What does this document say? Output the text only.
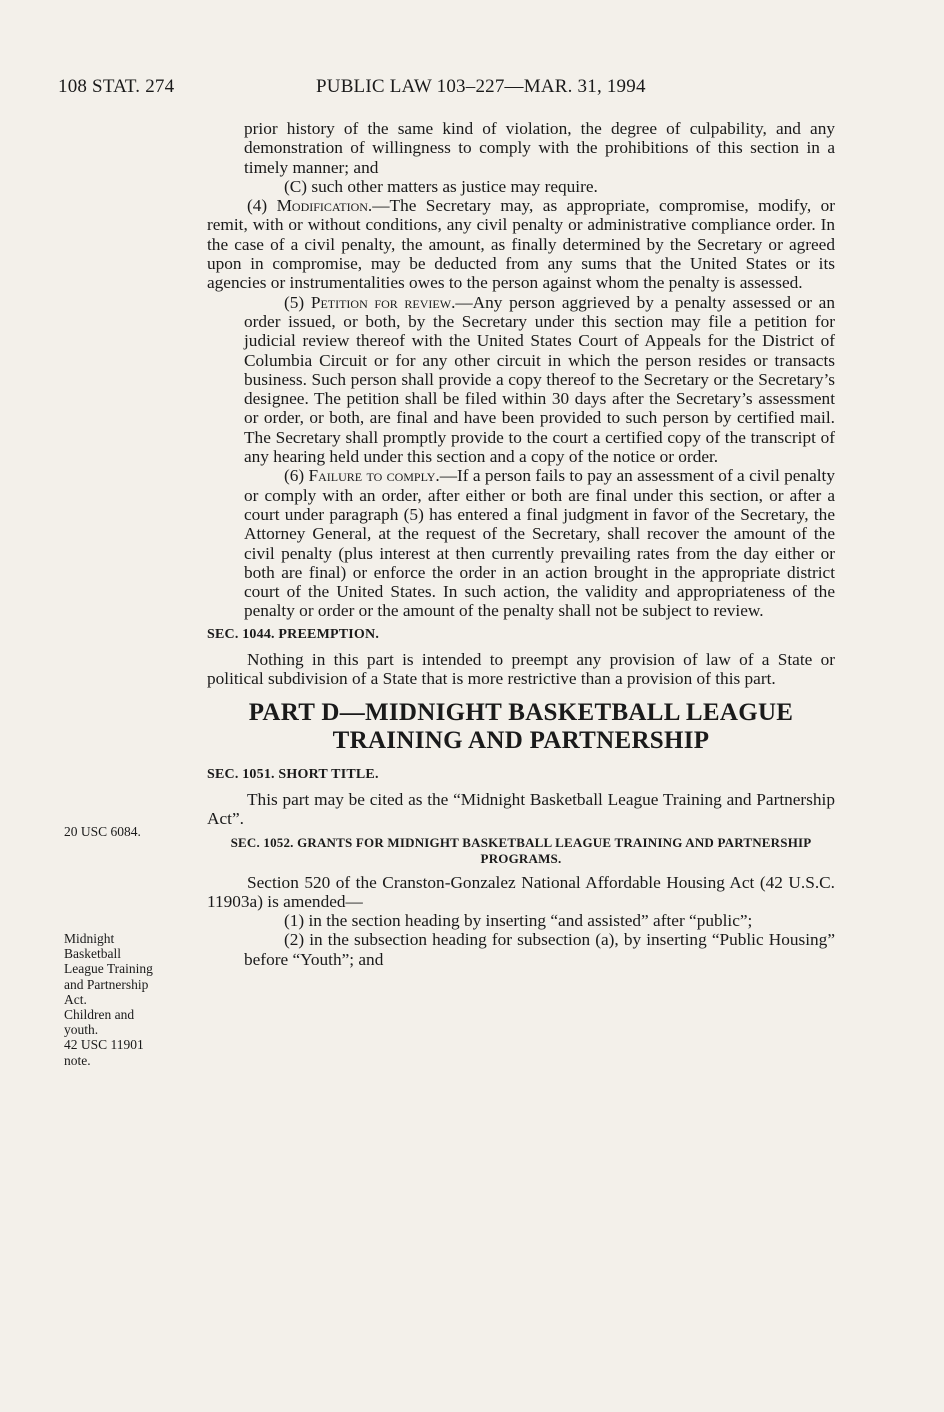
108 STAT. 274	PUBLIC LAW 103–227—MAR. 31, 1994
20 USC 6084.
Midnight
Basketball
League Training
and Partnership
Act.
Children and
youth.
42 USC 11901
note.

prior history of the same kind of violation, the degree of culpability, and any demonstration of willingness to comply with the prohibitions of this section in a timely manner; and

(C) such other matters as justice may require.

(4) Modification.—The Secretary may, as appropriate, compromise, modify, or remit, with or without conditions, any civil penalty or administrative compliance order. In the case of a civil penalty, the amount, as finally determined by the Secretary or agreed upon in compromise, may be deducted from any sums that the United States or its agencies or instrumentalities owes to the person against whom the penalty is assessed.

(5) Petition for review.—Any person aggrieved by a penalty assessed or an order issued, or both, by the Secretary under this section may file a petition for judicial review thereof with the United States Court of Appeals for the District of Columbia Circuit or for any other circuit in which the person resides or transacts business. Such person shall provide a copy thereof to the Secretary or the Secretary’s designee. The petition shall be filed within 30 days after the Secretary’s assessment or order, or both, are final and have been provided to such person by certified mail. The Secretary shall promptly provide to the court a certified copy of the transcript of any hearing held under this section and a copy of the notice or order.

(6) Failure to comply.—If a person fails to pay an assessment of a civil penalty or comply with an order, after either or both are final under this section, or after a court under paragraph (5) has entered a final judgment in favor of the Secretary, the Attorney General, at the request of the Secretary, shall recover the amount of the civil penalty (plus interest at then currently prevailing rates from the day either or both are final) or enforce the order in an action brought in the appropriate district court of the United States. In such action, the validity and appropriateness of the penalty or order or the amount of the penalty shall not be subject to review.

SEC. 1044. PREEMPTION.

Nothing in this part is intended to preempt any provision of law of a State or political subdivision of a State that is more restrictive than a provision of this part.

PART D—MIDNIGHT BASKETBALL LEAGUE TRAINING AND PARTNERSHIP

SEC. 1051. SHORT TITLE.

This part may be cited as the “Midnight Basketball League Training and Partnership Act”.

SEC. 1052. GRANTS FOR MIDNIGHT BASKETBALL LEAGUE TRAINING AND PARTNERSHIP PROGRAMS.

Section 520 of the Cranston-Gonzalez National Affordable Housing Act (42 U.S.C. 11903a) is amended—

(1) in the section heading by inserting “and assisted” after “public”;

(2) in the subsection heading for subsection (a), by inserting “Public Housing” before “Youth”; and
